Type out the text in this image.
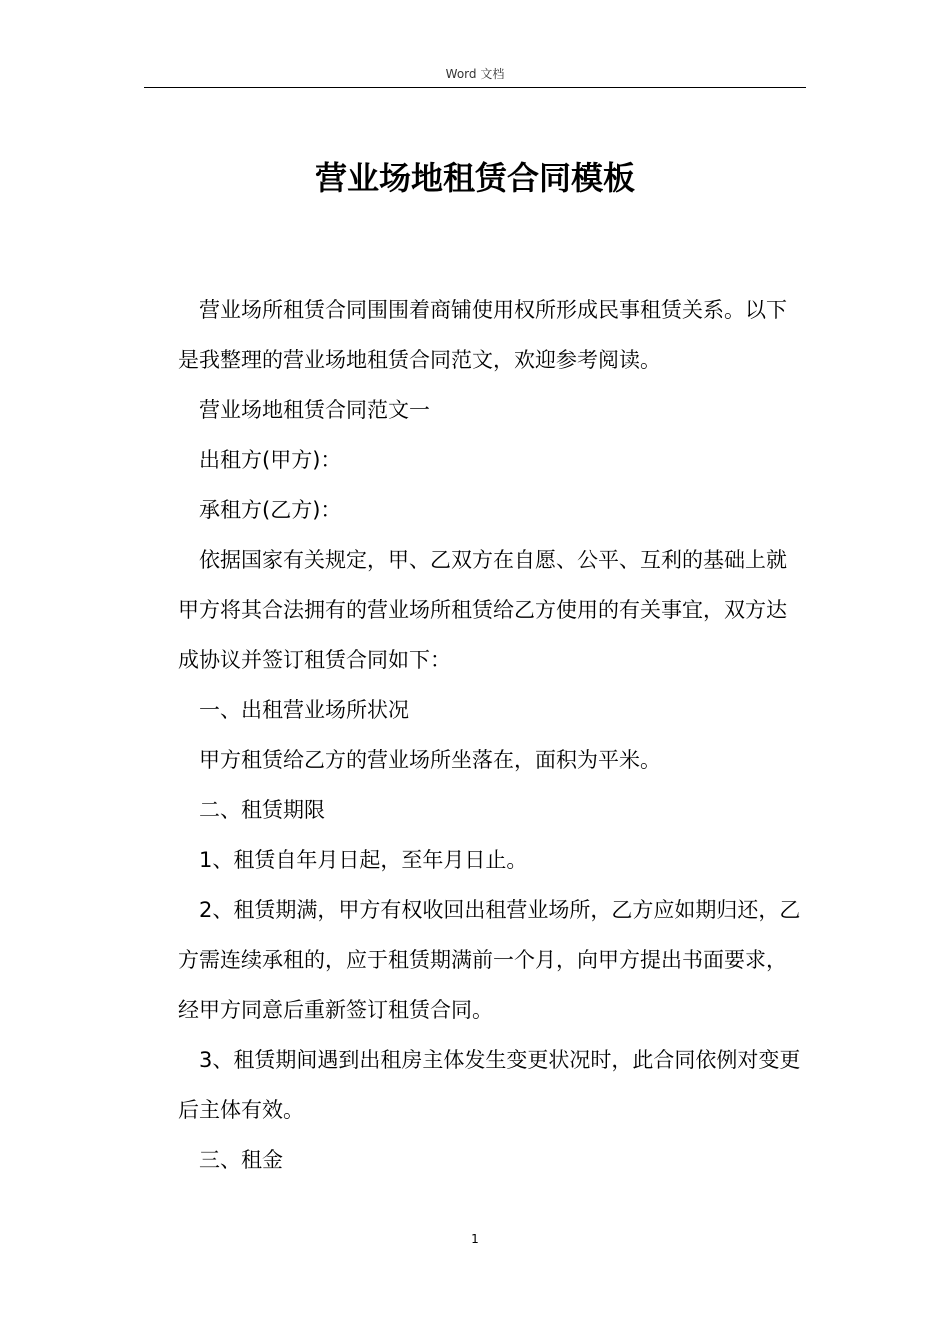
Word 文档
营业场地租赁合同模板

营业场所租赁合同围围着商铺使用权所形成民事租赁关系。以下是我整理的营业场地租赁合同范文，欢迎参考阅读。

营业场地租赁合同范文一

出租方(甲方)：

承租方(乙方)：

依据国家有关规定，甲、乙双方在自愿、公平、互利的基础上就甲方将其合法拥有的营业场所租赁给乙方使用的有关事宜，双方达成协议并签订租赁合同如下：

一、出租营业场所状况

甲方租赁给乙方的营业场所坐落在，面积为平米。

二、租赁期限

1、租赁自年月日起，至年月日止。

2、租赁期满，甲方有权收回出租营业场所，乙方应如期归还，乙方需连续承租的，应于租赁期满前一个月，向甲方提出书面要求，经甲方同意后重新签订租赁合同。

3、租赁期间遇到出租房主体发生变更状况时，此合同依例对变更后主体有效。

三、租金

1
